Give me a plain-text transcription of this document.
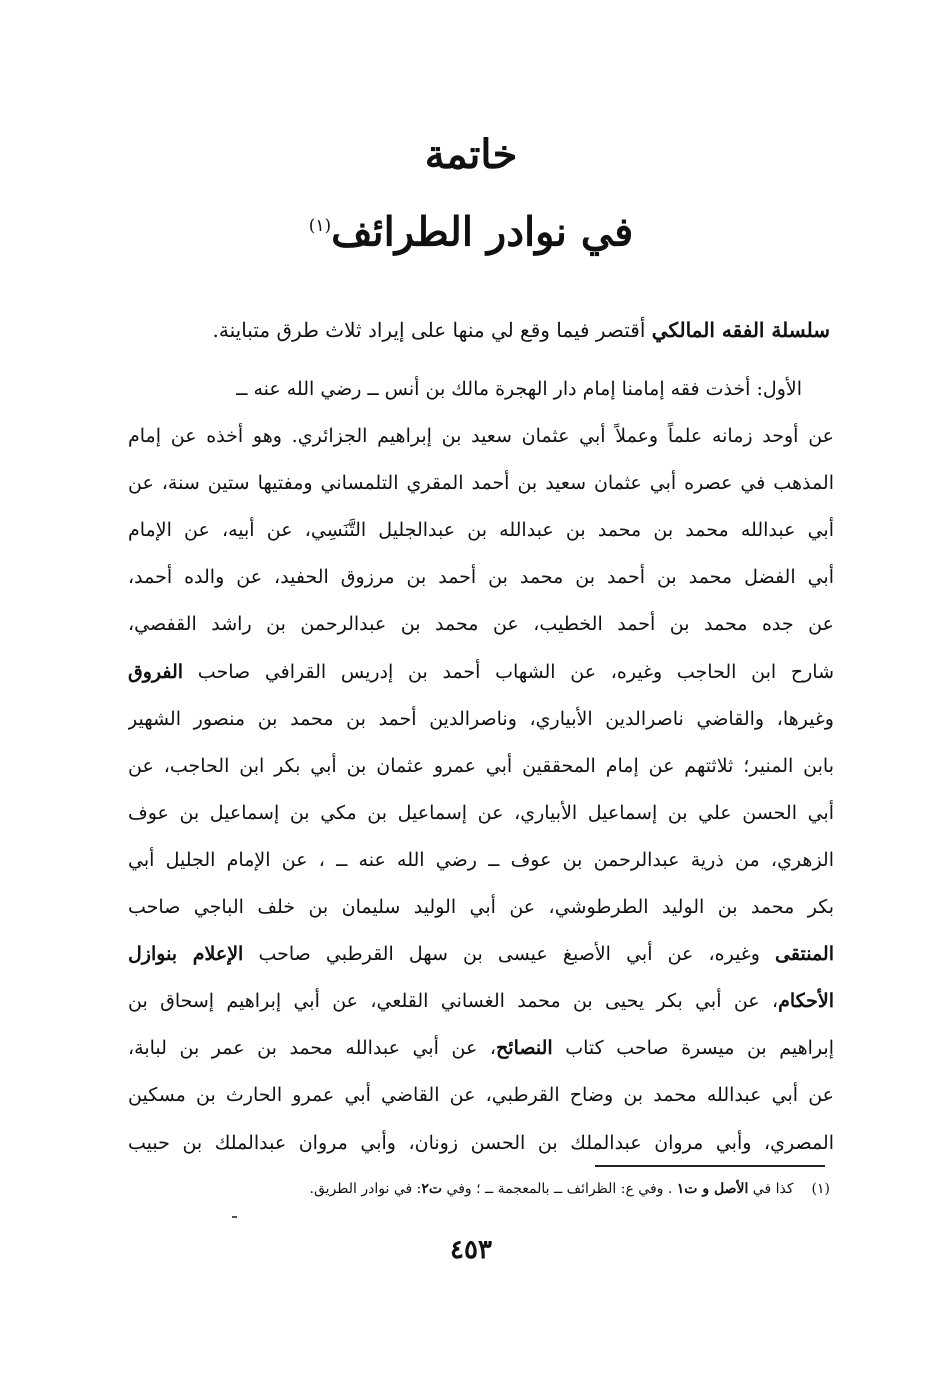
خاتمة
في نوادر الطرائف$^{(١)}$
سلسلة الفقه المالكي أقتصر فيما وقع لي منها على إيراد ثلاث طرق متباينة.
الأول: أخذت فقه إمامنا إمام دار الهجرة مالك بن أنس ــ رضي الله عنه ــ
عن أوحد زمانه علماً وعملاً أبي عثمان سعيد بن إبراهيم الجزائري. وهو أخذه عن إمام
المذهب في عصره أبي عثمان سعيد بن أحمد المقري التلمساني ومفتيها ستين سنة، عن
أبي عبدالله محمد بن محمد بن عبدالله بن عبدالجليل التَّنَسِي، عن أبيه، عن الإمام
أبي الفضل محمد بن أحمد بن محمد بن أحمد بن مرزوق الحفيد، عن والده أحمد،
عن جده محمد بن أحمد الخطيب، عن محمد بن عبدالرحمن بن راشد القفصي،
شارح ابن الحاجب وغيره، عن الشهاب أحمد بن إدريس القرافي صاحب الفروق
وغيرها، والقاضي ناصرالدين الأبياري، وناصرالدين أحمد بن محمد بن منصور الشهير
بابن المنير؛ ثلاثتهم عن إمام المحققين أبي عمرو عثمان بن أبي بكر ابن الحاجب، عن
أبي الحسن علي بن إسماعيل الأبياري، عن إسماعيل بن مكي بن إسماعيل بن عوف
الزهري، من ذرية عبدالرحمن بن عوف ــ رضي الله عنه ــ ، عن الإمام الجليل أبي
بكر محمد بن الوليد الطرطوشي، عن أبي الوليد سليمان بن خلف الباجي صاحب
المنتقى وغيره، عن أبي الأصبغ عيسى بن سهل القرطبي صاحب الإعلام بنوازل
الأحكام، عن أبي بكر يحيى بن محمد الغساني القلعي، عن أبي إبراهيم إسحاق بن
إبراهيم بن ميسرة صاحب كتاب النصائح، عن أبي عبدالله محمد بن عمر بن لبابة،
عن أبي عبدالله محمد بن وضاح القرطبي، عن القاضي أبي عمرو الحارث بن مسكين
المصري، وأبي مروان عبدالملك بن الحسن زونان، وأبي مروان عبدالملك بن حبيب
(١)كذا في الأصل و ت١ . وفي ع: الظرائف ــ بالمعجمة ــ ؛ وفي ت٢: في نوادر الطريق.
٤٥٣
